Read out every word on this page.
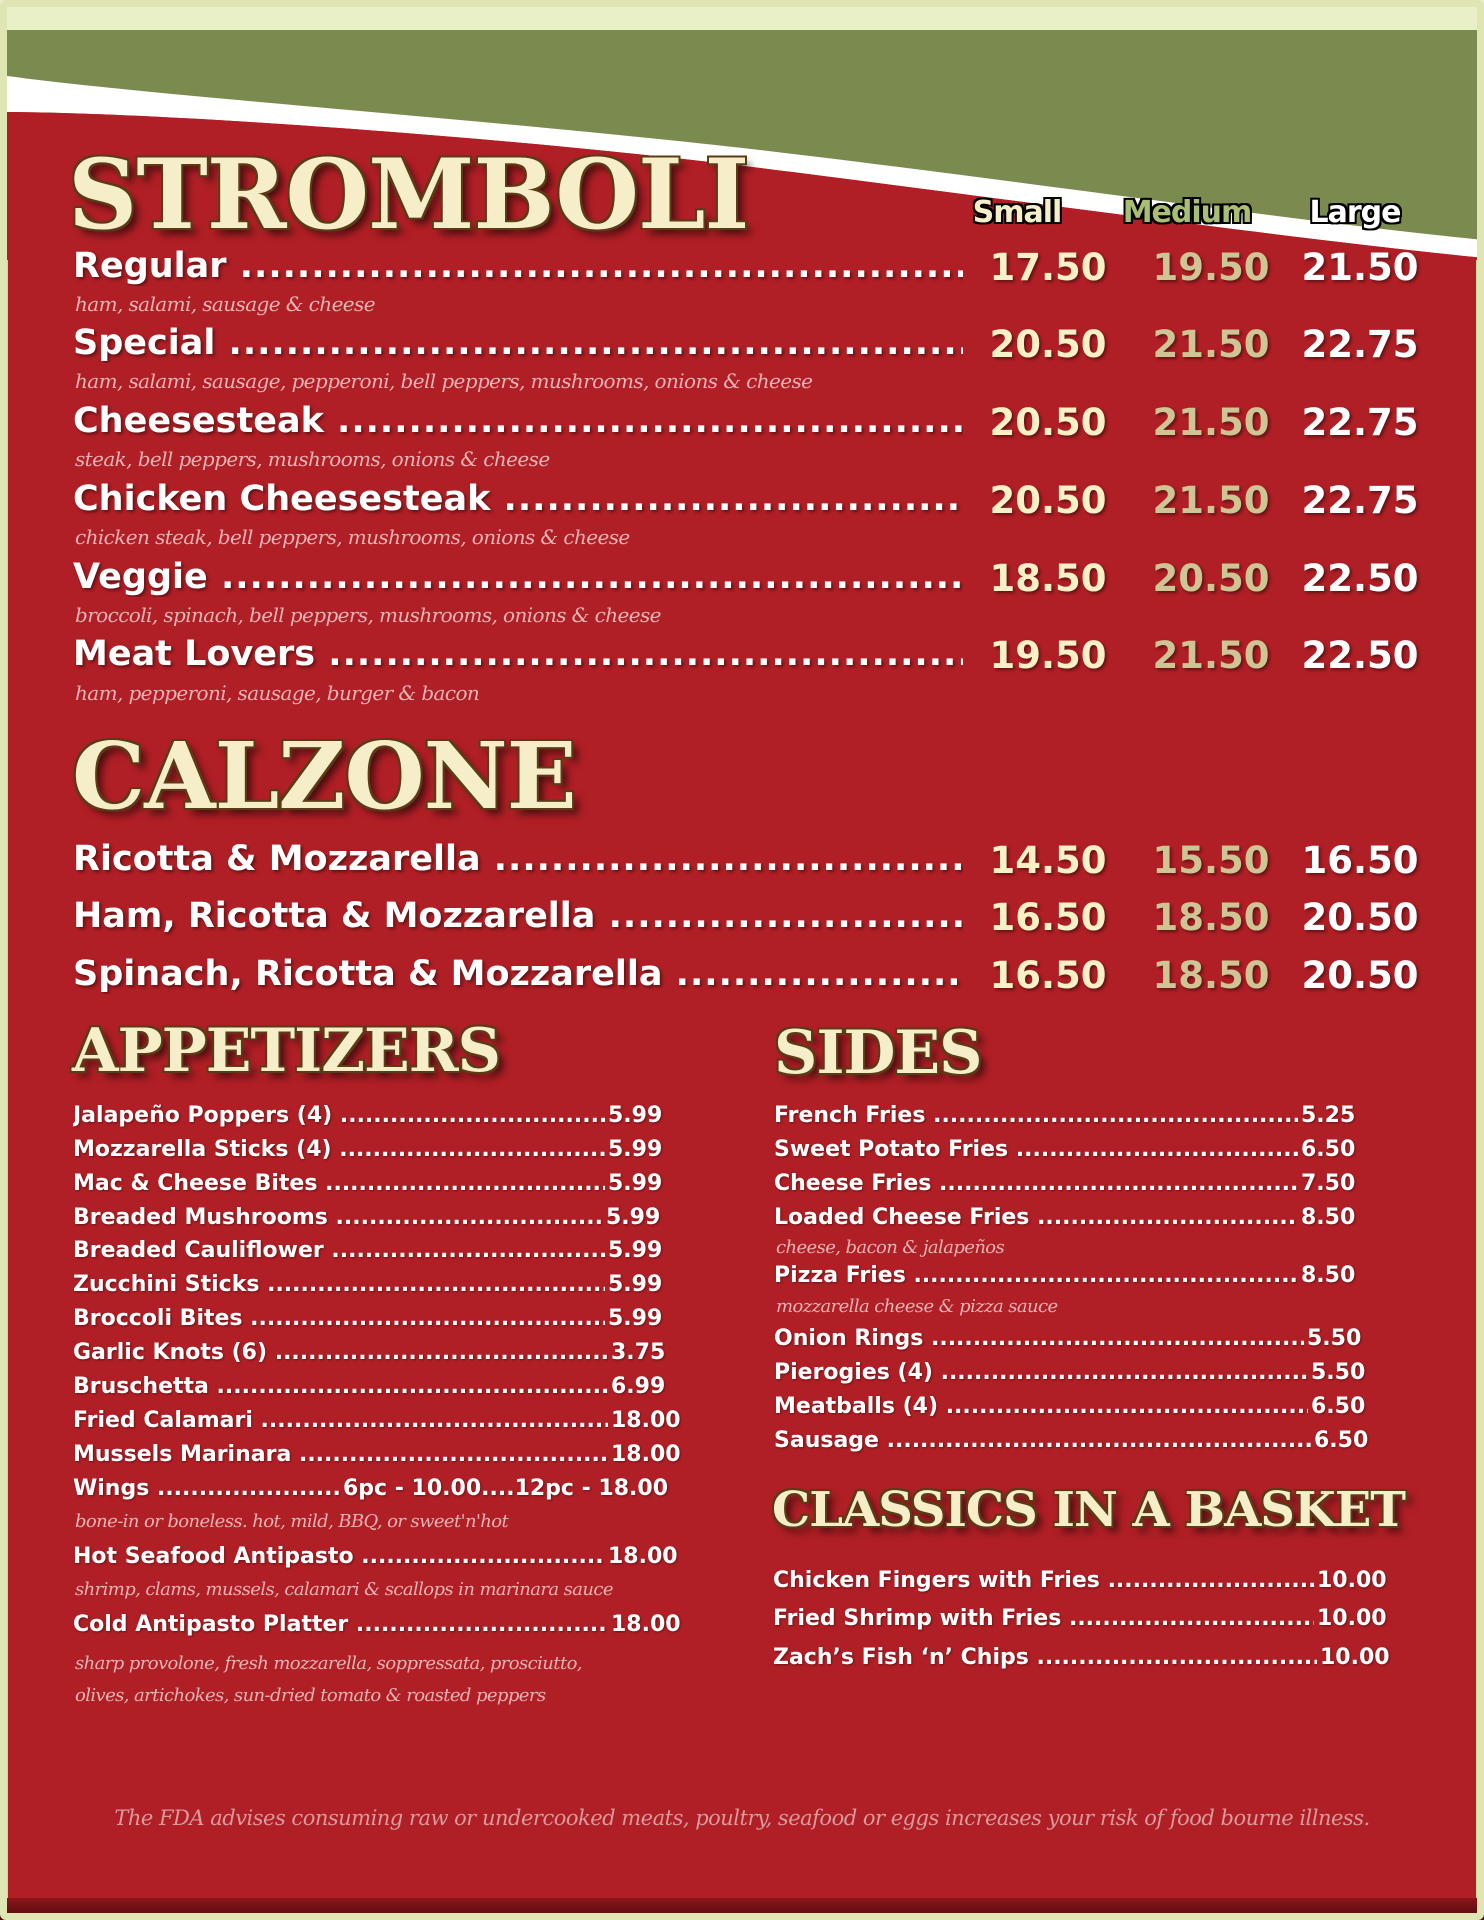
STROMBOLI	Small	Medium	Large
Regular .....	17.50	19.50 21.50
ham, salami, sausage & cheese
Special .....	20.50	21.50 22.75
ham, salami, sausage, pepperoni, bell peppers, mushrooms, onions & cheese
Cheesesteak .....	20.50	21.50 22.75
steak, bell peppers, mushrooms, onions & cheese
Chicken Cheesesteak .....	20.50	21.50 22.75
chicken steak, bell peppers, mushrooms, onions & cheese
Veggie .....	18.50	20.50 22.50
broccoli, spinach, bell peppers, mushrooms, onions & cheese
Meat Lovers .....	19.50	21.50 22.50
ham, pepperoni, sausage, burger & bacon
CALZONE
Ricotta & Mozzarella .....	14.50	15.50 16.50
Ham, Ricotta & Mozzarella .....	16.50	18.50 20.50
Spinach, Ricotta & Mozzarella .....	16.50	18.50 20.50
APPETIZERS
Jalapeño Poppers (4) .....	5.99
Mozzarella Sticks (4) .....	5.99
Mac & Cheese Bites .....	5.99
Breaded Mushrooms .....	5.99
Breaded Cauliflower .....	5.99
Zucchini Sticks .....	5.99
Broccoli Bites .....	5.99
Garlic Knots (6) .....	3.75
Bruschetta .....	6.99
Fried Calamari .....	18.00
Mussels Marinara .....	18.00
Wings .....	6pc - 10.00....12pc - 18.00
bone-in or boneless. hot, mild, BBQ, or sweet'n'hot
Hot Seafood Antipasto .....	18.00
shrimp, clams, mussels, calamari & scallops in marinara sauce
Cold Antipasto Platter .....	18.00
sharp provolone, fresh mozzarella, soppressata, prosciutto,
olives, artichokes, sun-dried tomato & roasted peppers
SIDES
French Fries .....	5.25
Sweet Potato Fries .....	6.50
Cheese Fries .....	7.50
Loaded Cheese Fries .....	8.50
cheese, bacon & jalapeños
Pizza Fries .....	8.50
mozzarella cheese & pizza sauce
Onion Rings .....	5.50
Pierogies (4) .....	5.50
Meatballs (4) .....	6.50
Sausage .....	6.50
CLASSICS IN A BASKET
Chicken Fingers with Fries .....	10.00
Fried Shrimp with Fries .....	10.00
Zach’s Fish ‘n’ Chips .....	10.00
The FDA advises consuming raw or undercooked meats, poultry, seafood or eggs increases your risk of food bourne illness.
